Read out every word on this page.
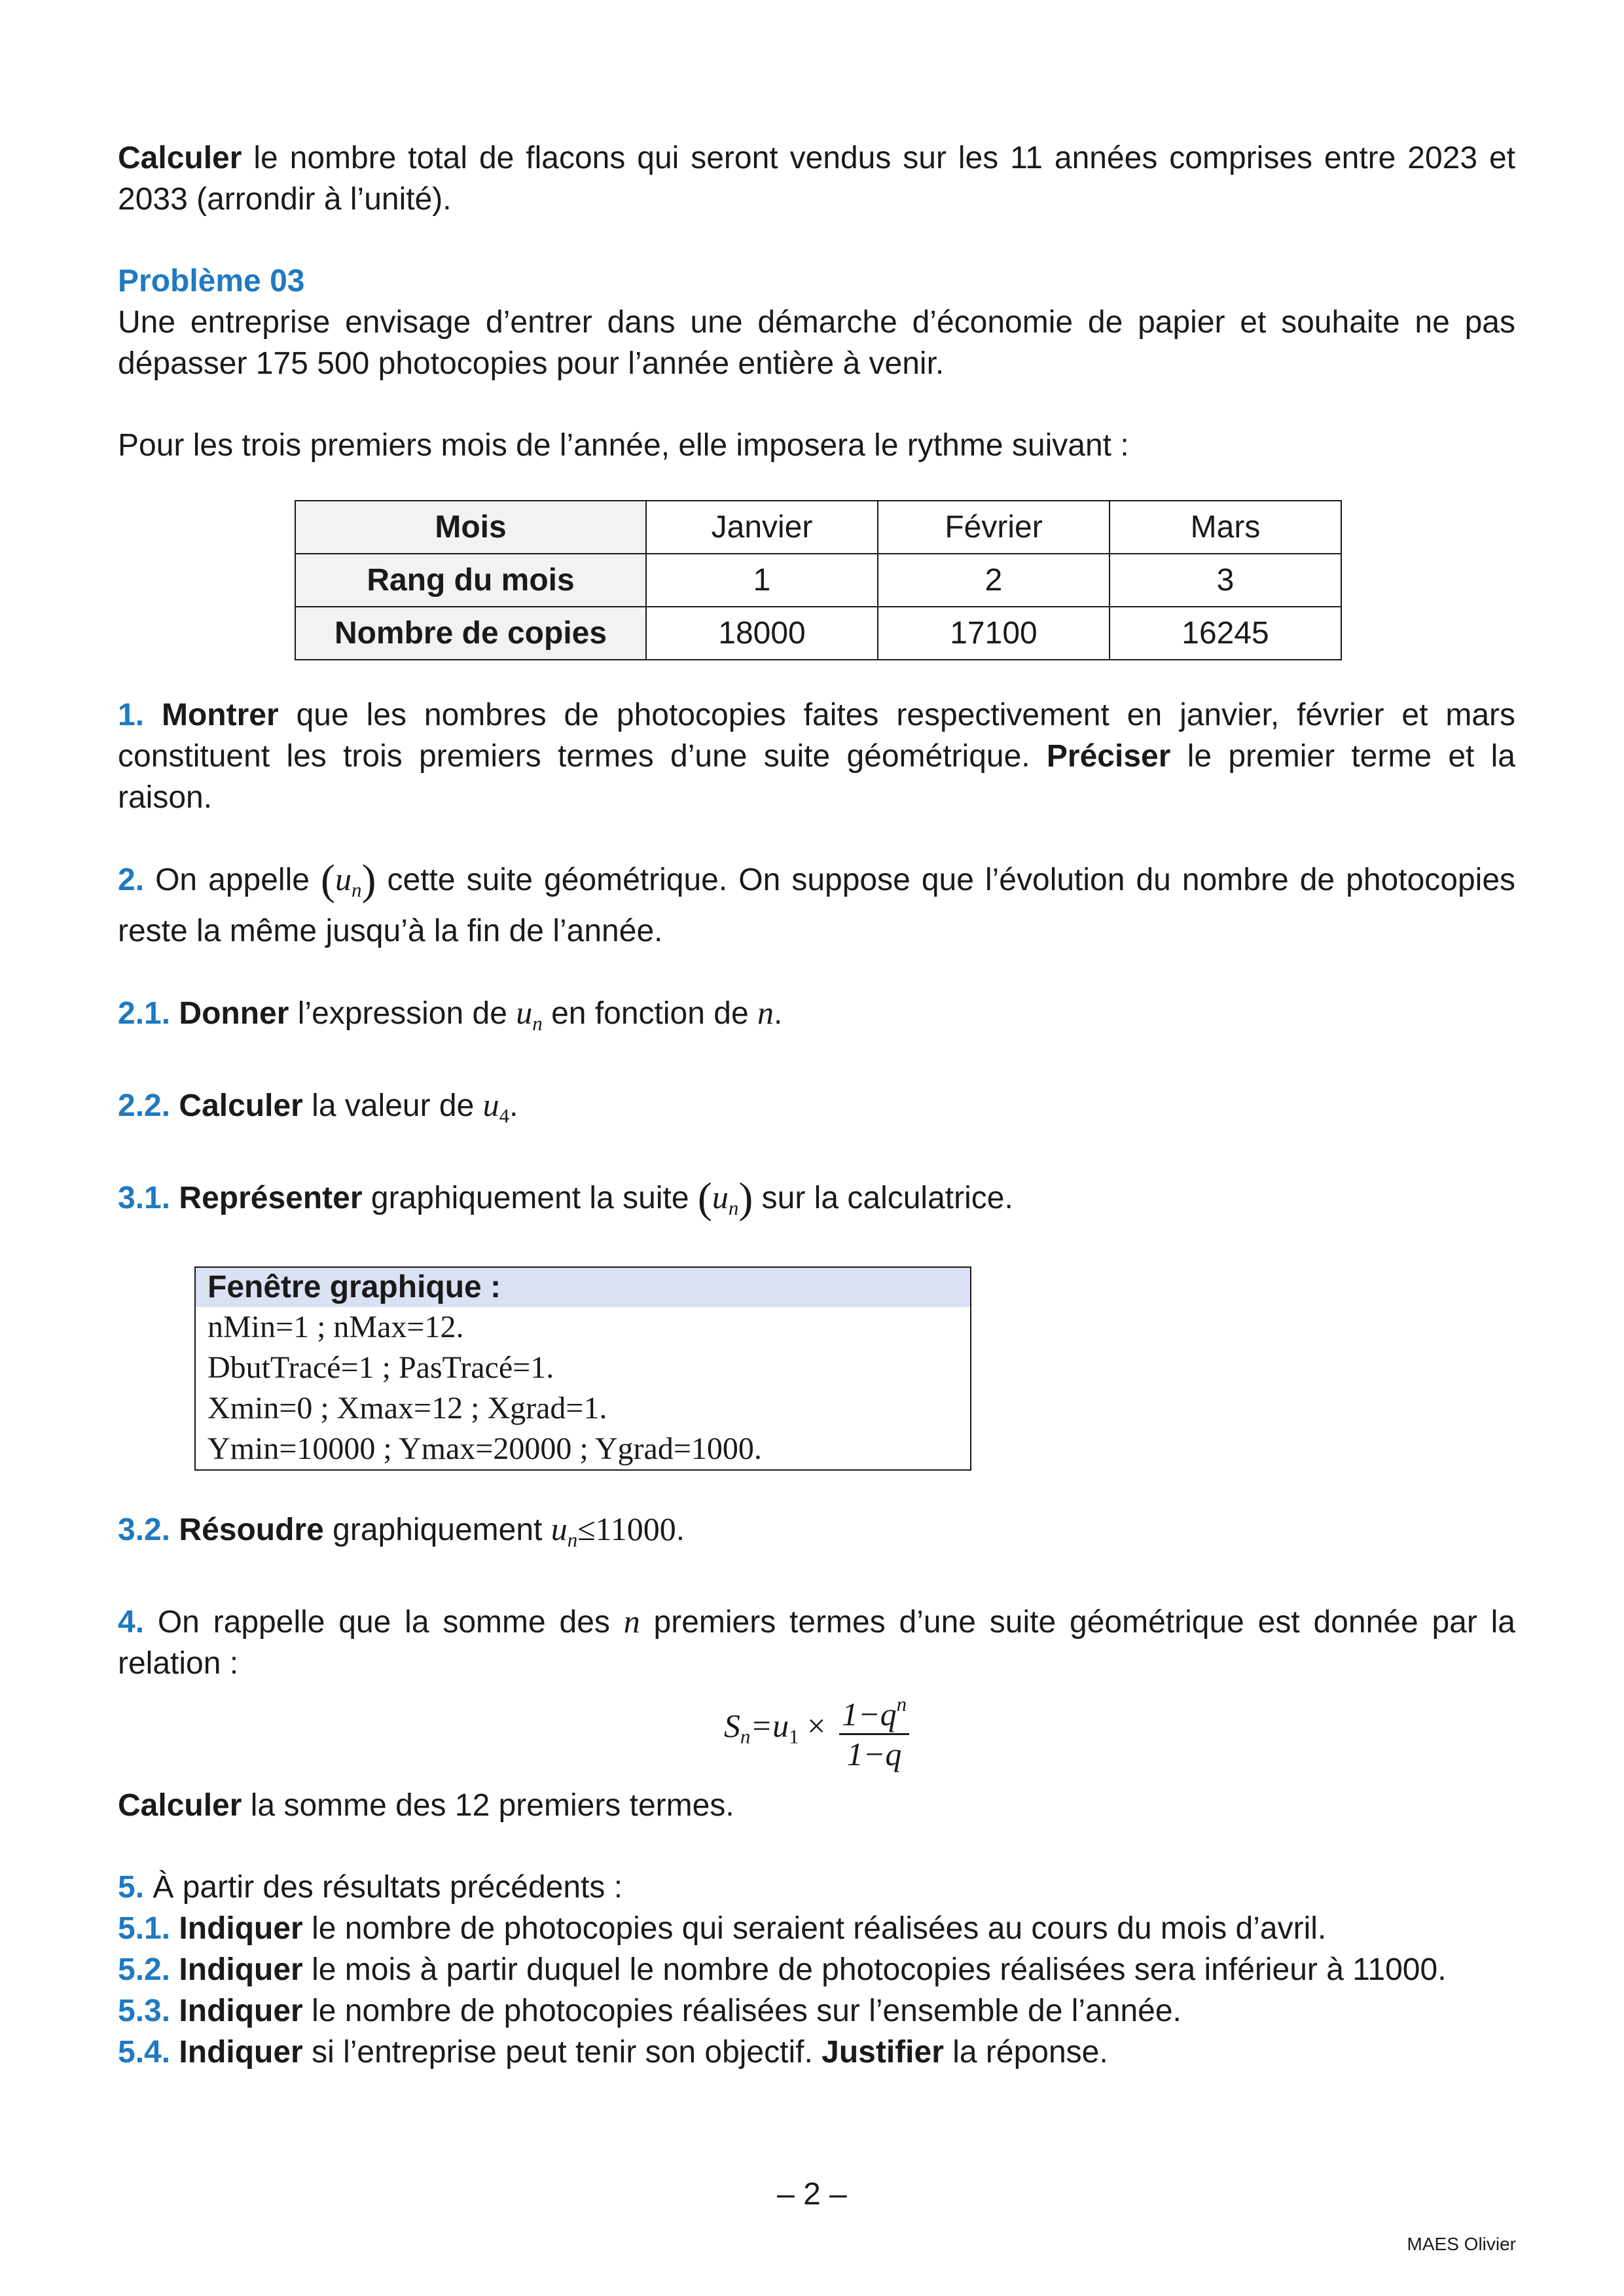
Calculer le nombre total de flacons qui seront vendus sur les 11 années comprises entre 2023 et 2033 (arrondir à l’unité).

Problème 03

Une entreprise envisage d’entrer dans une démarche d’économie de papier et souhaite ne pas dépasser 175 500 photocopies pour l’année entière à venir.

Pour les trois premiers mois de l’année, elle imposera le rythme suivant :

Mois	Janvier	Février	Mars
Rang du mois	1	2	3
Nombre de copies	18000	17100	16245

1. Montrer que les nombres de photocopies faites respectivement en janvier, février et mars constituent les trois premiers termes d’une suite géométrique. Préciser le premier terme et la raison.

2. On appelle $(u_n)$ cette suite géométrique. On suppose que l’évolution du nombre de photocopies reste la même jusqu’à la fin de l’année.

2.1. Donner l’expression de $u_n$ en fonction de n.

2.2. Calculer la valeur de $u_4$.

3.1. Représenter graphiquement la suite $(u_n)$ sur la calculatrice.

Fenêtre graphique :
nMin=1 ; nMax=12.
DbutTracé=1 ; PasTracé=1.
Xmin=0 ; Xmax=12 ; Xgrad=1.
Ymin=10000 ; Ymax=20000 ; Ygrad=1000.

3.2. Résoudre graphiquement $u_n\le 11000$.

4. On rappelle que la somme des n premiers termes d’une suite géométrique est donnée par la relation :

$S_n=u_1 \times \frac{1-q^n}{1-q}$

Calculer la somme des 12 premiers termes.

5. À partir des résultats précédents :

5.1. Indiquer le nombre de photocopies qui seraient réalisées au cours du mois d’avril.

5.2. Indiquer le mois à partir duquel le nombre de photocopies réalisées sera inférieur à 11000.

5.3. Indiquer le nombre de photocopies réalisées sur l’ensemble de l’année.

5.4. Indiquer si l’entreprise peut tenir son objectif. Justifier la réponse.

– 2 –
MAES Olivier
